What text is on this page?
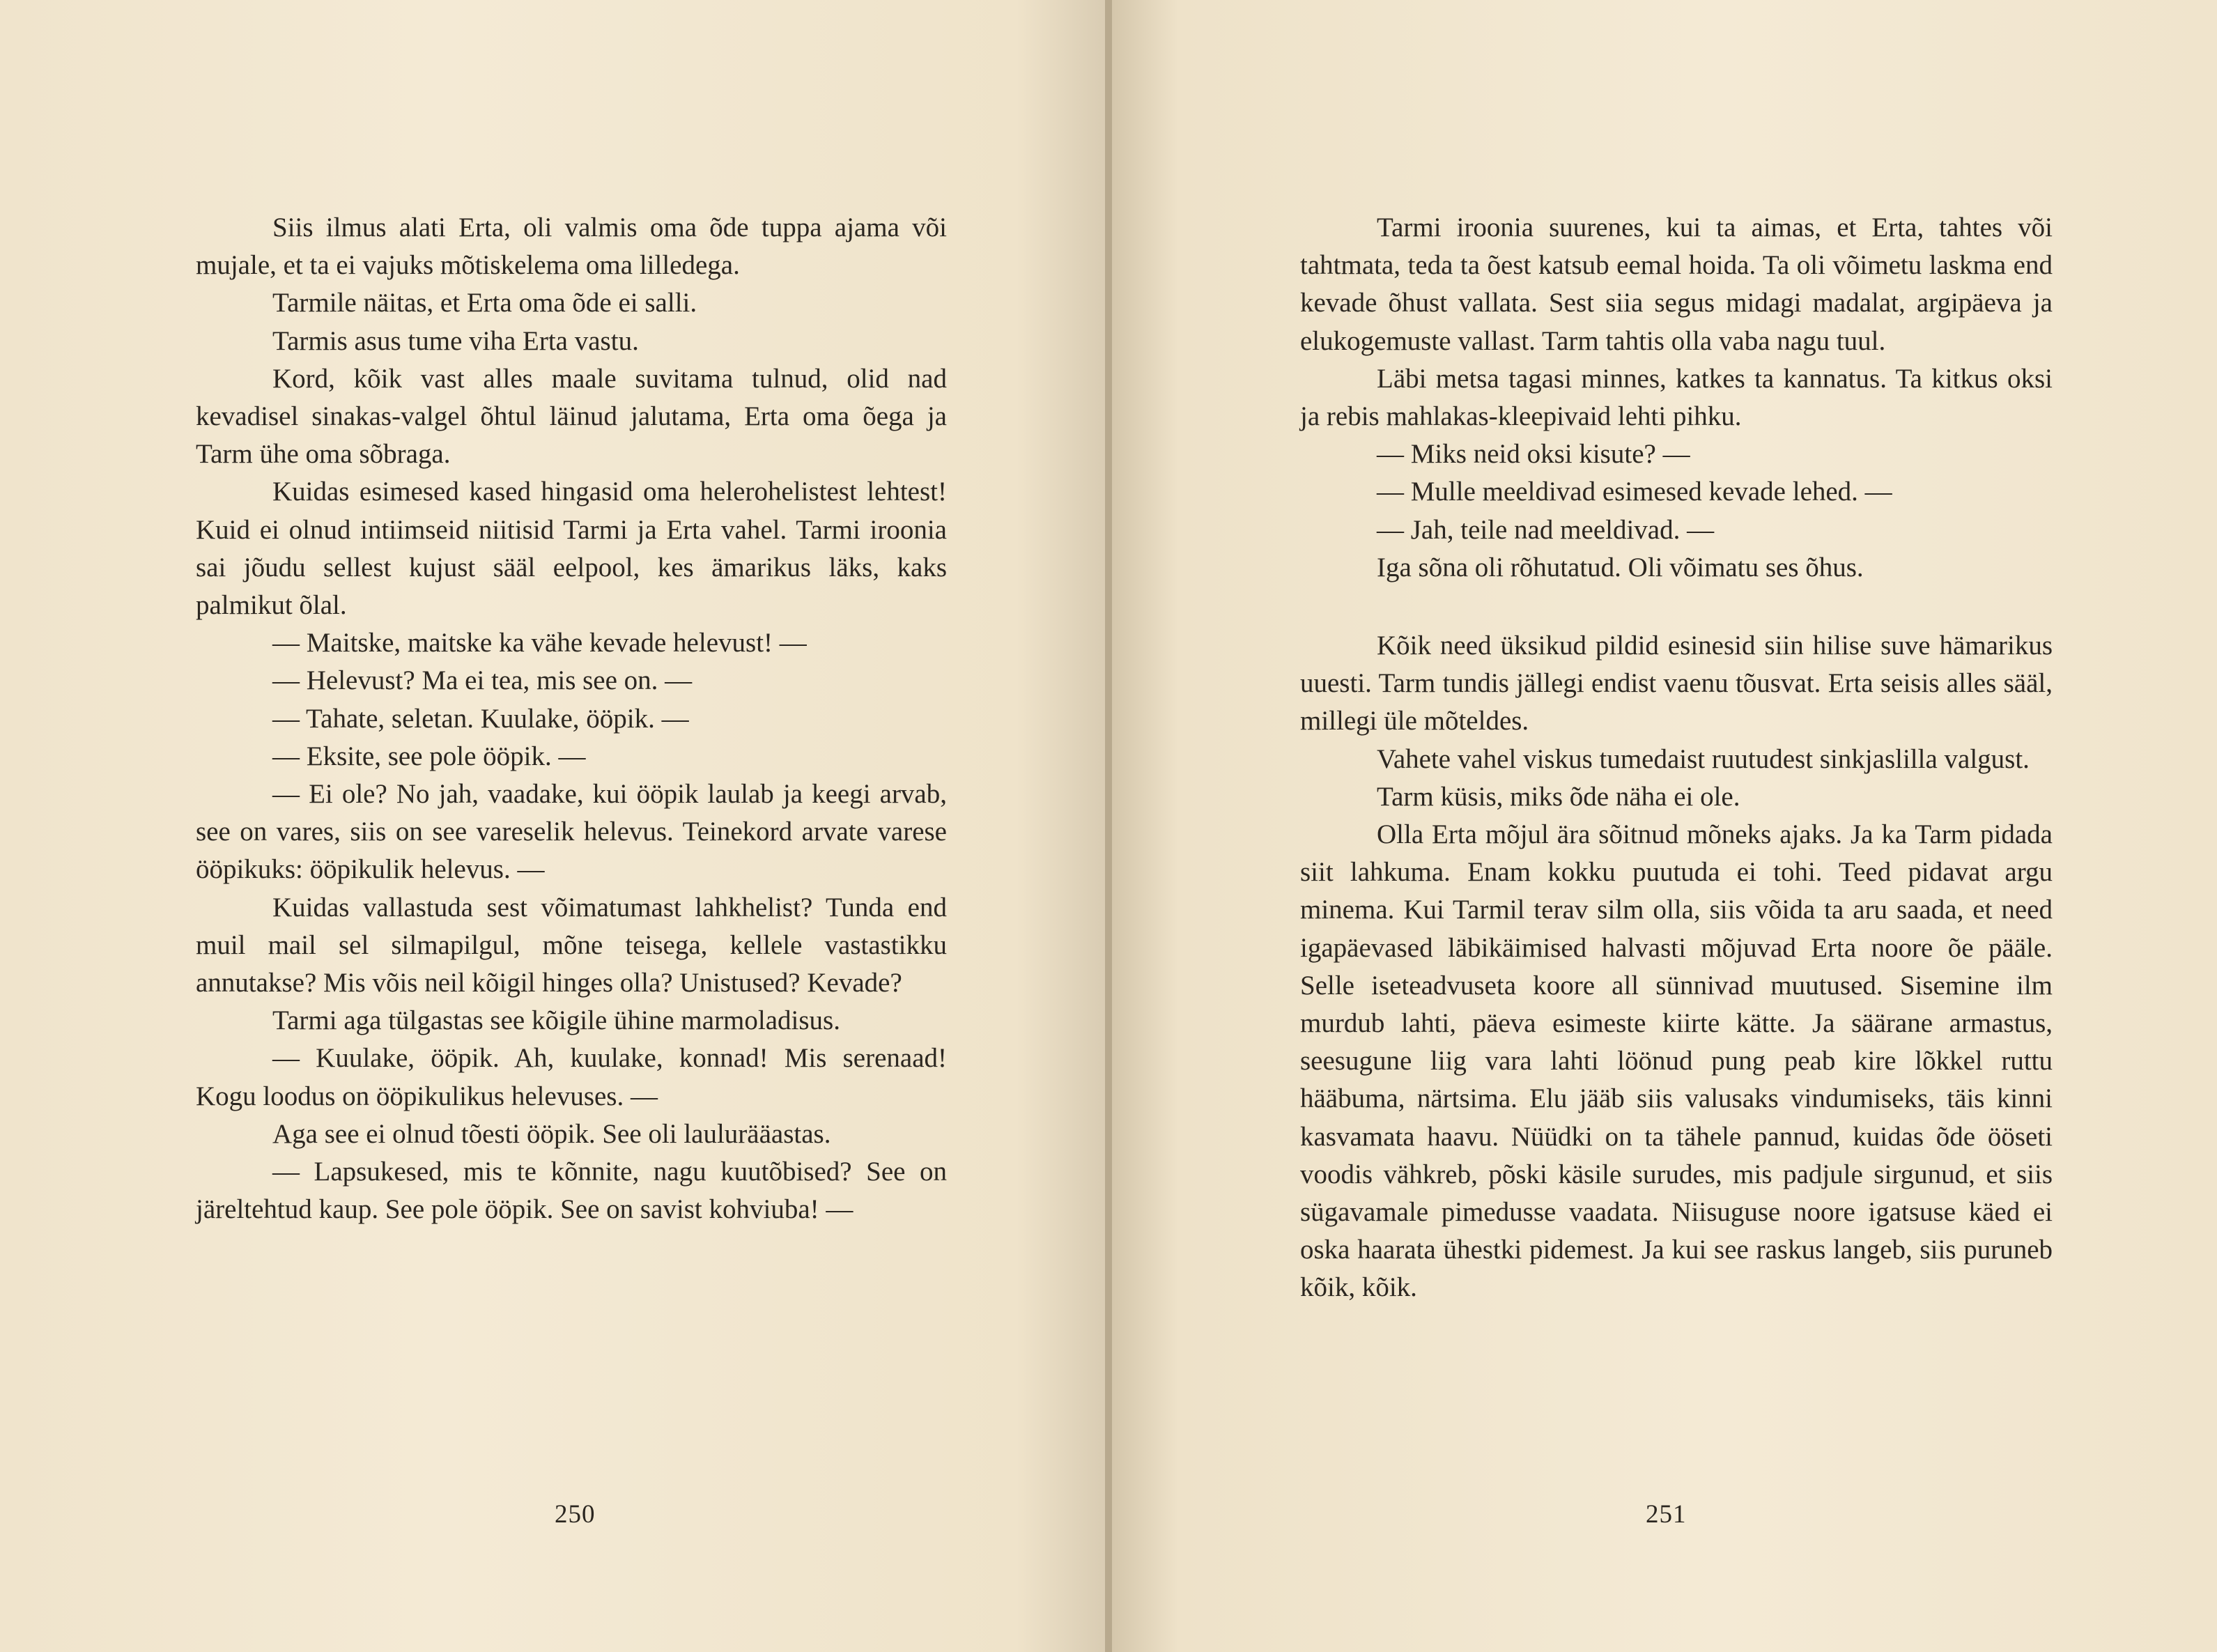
Siis ilmus alati Erta, oli valmis oma õde tuppa ajama või mujale, et ta ei vajuks mõtiskelema oma lilledega.

Tarmile näitas, et Erta oma õde ei salli.

Tarmis asus tume viha Erta vastu.

Kord, kõik vast alles maale suvitama tulnud, olid nad kevadisel sinakas-valgel õhtul läinud jalutama, Erta oma õega ja Tarm ühe oma sõbraga.

Kuidas esimesed kased hingasid oma helerohelistest lehtest! Kuid ei olnud intiimseid niitisid Tarmi ja Erta vahel. Tarmi iroonia sai jõudu sellest kujust sääl eelpool, kes ämarikus läks, kaks palmikut õlal.

— Maitske, maitske ka vähe kevade helevust! —

— Helevust? Ma ei tea, mis see on. —

— Tahate, seletan. Kuulake, ööpik. —

— Eksite, see pole ööpik. —

— Ei ole? No jah, vaadake, kui ööpik laulab ja keegi arvab, see on vares, siis on see vareselik helevus. Teinekord arvate varese ööpikuks: ööpikulik helevus. —

Kuidas vallastuda sest võimatumast lahkhelist? Tunda end muil mail sel silmapilgul, mõne teisega, kellele vastastikku annutakse? Mis võis neil kõigil hinges olla? Unistused? Kevade?

Tarmi aga tülgastas see kõigile ühine marmoladisus.

— Kuulake, ööpik. Ah, kuulake, konnad! Mis serenaad! Kogu loodus on ööpikulikus helevuses. —

Aga see ei olnud tõesti ööpik. See oli laulurääastas.

— Lapsukesed, mis te kõnnite, nagu kuutõbised? See on järeltehtud kaup. See pole ööpik. See on savist kohviuba! —

250

Tarmi iroonia suurenes, kui ta aimas, et Erta, tahtes või tahtmata, teda ta õest katsub eemal hoida. Ta oli võimetu laskma end kevade õhust vallata. Sest siia segus midagi madalat, argipäeva ja elukogemuste vallast. Tarm tahtis olla vaba nagu tuul.

Läbi metsa tagasi minnes, katkes ta kannatus. Ta kitkus oksi ja rebis mahlakas-kleepivaid lehti pihku.

— Miks neid oksi kisute? —

— Mulle meeldivad esimesed kevade lehed. —

— Jah, teile nad meeldivad. —

Iga sõna oli rõhutatud. Oli võimatu ses õhus.

Kõik need üksikud pildid esinesid siin hilise suve hämarikus uuesti. Tarm tundis jällegi endist vaenu tõusvat. Erta seisis alles sääl, millegi üle mõteldes.

Vahete vahel viskus tumedaist ruutudest sinkjaslilla valgust.

Tarm küsis, miks õde näha ei ole.

Olla Erta mõjul ära sõitnud mõneks ajaks. Ja ka Tarm pidada siit lahkuma. Enam kokku puutuda ei tohi. Teed pidavat argu minema. Kui Tarmil terav silm olla, siis võida ta aru saada, et need igapäevased läbikäimised halvasti mõjuvad Erta noore õe pääle. Selle iseteadvuseta koore all sünnivad muutused. Sisemine ilm murdub lahti, päeva esimeste kiirte kätte. Ja säärane armastus, seesugune liig vara lahti löönud pung peab kire lõkkel ruttu hääbuma, närtsima. Elu jääb siis valusaks vindumiseks, täis kinni kasvamata haavu. Nüüdki on ta tähele pannud, kuidas õde ööseti voodis vähkreb, põski käsile surudes, mis padjule sirgunud, et siis sügavamale pimedusse vaadata. Niisuguse noore igatsuse käed ei oska haarata ühestki pidemest. Ja kui see raskus langeb, siis puruneb kõik, kõik.

251
